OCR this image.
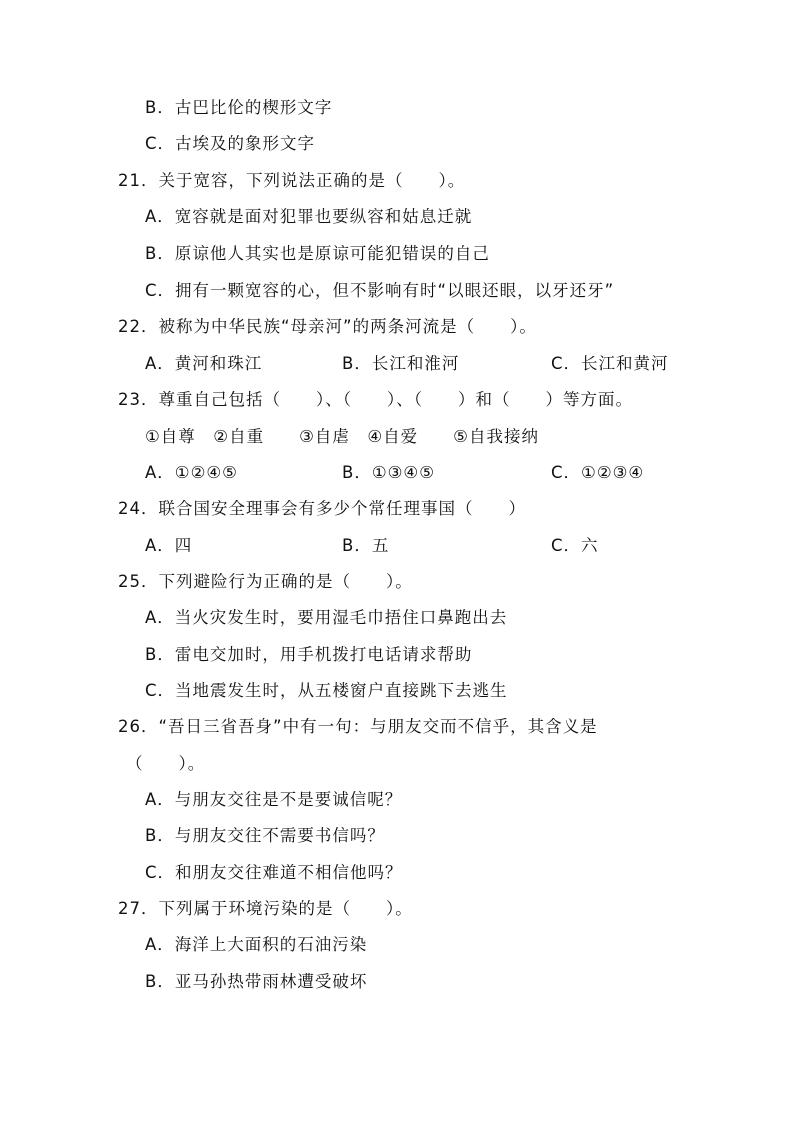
B．古巴比伦的楔形文字
C．古埃及的象形文字
21．关于宽容，下列说法正确的是（　　）。
A．宽容就是面对犯罪也要纵容和姑息迁就
B．原谅他人其实也是原谅可能犯错误的自己
C．拥有一颗宽容的心，但不影响有时“以眼还眼，以牙还牙”
22．被称为中华民族“母亲河”的两条河流是（　　）。
A．黄河和珠江	B．长江和淮河	C．长江和黄河
23．尊重自己包括（　　）、（　　）、（　　）和（　　）等方面。
①自尊　②自重　　③自虐　④自爱　　⑤自我接纳
A．①②④⑤	B．①③④⑤	C．①②③④
24．联合国安全理事会有多少个常任理事国（　　）
A．四	B．五	C．六
25．下列避险行为正确的是（　　）。
A．当火灾发生时，要用湿毛巾捂住口鼻跑出去
B．雷电交加时，用手机拨打电话请求帮助
C．当地震发生时，从五楼窗户直接跳下去逃生
26．“吾日三省吾身”中有一句：与朋友交而不信乎，其含义是
（　　）。
A．与朋友交往是不是要诚信呢？
B．与朋友交往不需要书信吗？
C．和朋友交往难道不相信他吗？
27．下列属于环境污染的是（　　）。
A．海洋上大面积的石油污染
B．亚马孙热带雨林遭受破坏
